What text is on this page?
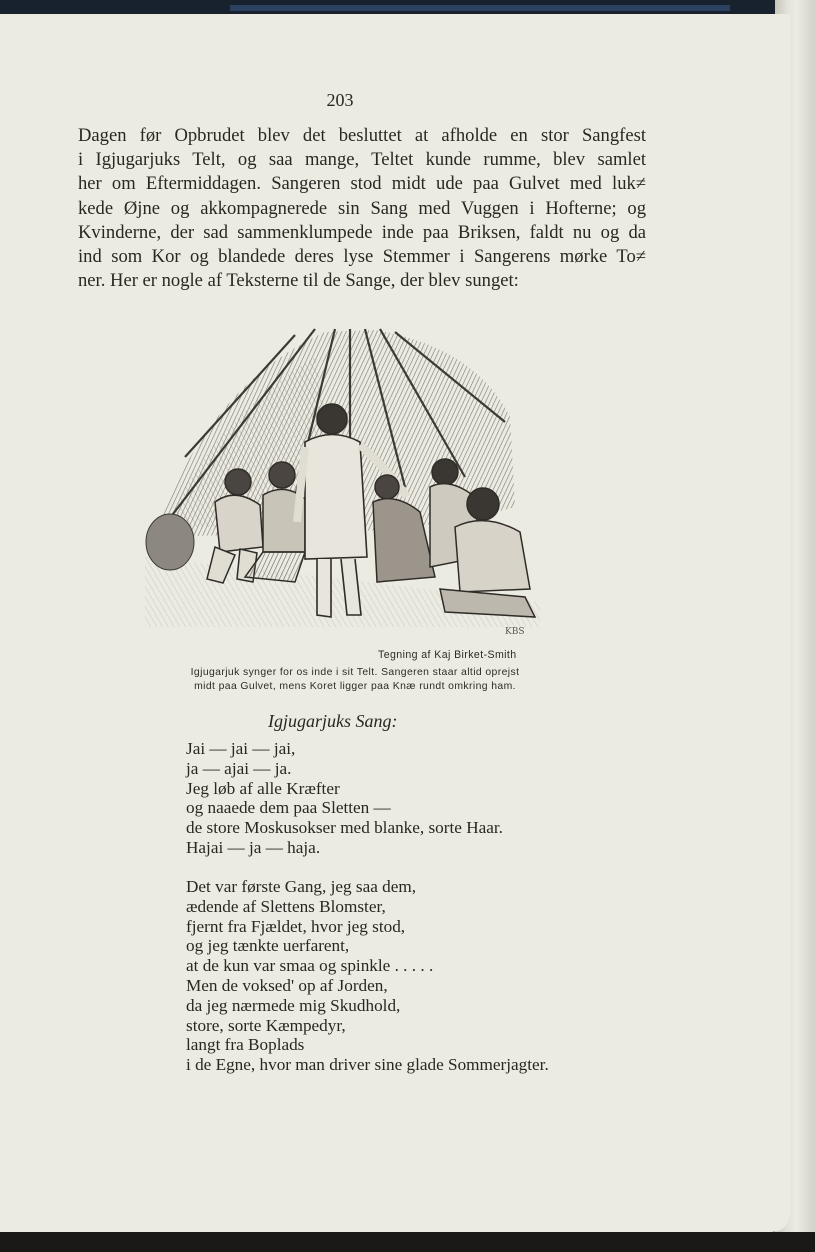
203
Dagen før Opbrudet blev det besluttet at afholde en stor Sangfest
i Igjugarjuks Telt, og saa mange, Teltet kunde rumme, blev samlet
her om Eftermiddagen. Sangeren stod midt ude paa Gulvet med luk≠
kede Øjne og akkompagnerede sin Sang med Vuggen i Hofterne; og
Kvinderne, der sad sammenklumpede inde paa Briksen, faldt nu og da
ind som Kor og blandede deres lyse Stemmer i Sangerens mørke To≠
ner. Her er nogle af Teksterne til de Sange, der blev sunget:
KBS
Tegning af Kaj Birket-Smith
Igjugarjuk synger for os inde i sit Telt. Sangeren staar altid oprejst
midt paa Gulvet, mens Koret ligger paa Knæ rundt omkring ham.
Igjugarjuks Sang:
Jai — jai — jai,
ja — ajai — ja.
Jeg løb af alle Kræfter
og naaede dem paa Sletten —
de store Moskusokser med blanke, sorte Haar.
Hajai — ja — haja.
Det var første Gang, jeg saa dem,
ædende af Slettens Blomster,
fjernt fra Fjældet, hvor jeg stod,
og jeg tænkte uerfarent,
at de kun var smaa og spinkle . . . . .
Men de voksed' op af Jorden,
da jeg nærmede mig Skudhold,
store, sorte Kæmpedyr,
langt fra Boplads
i de Egne, hvor man driver sine glade Sommerjagter.
